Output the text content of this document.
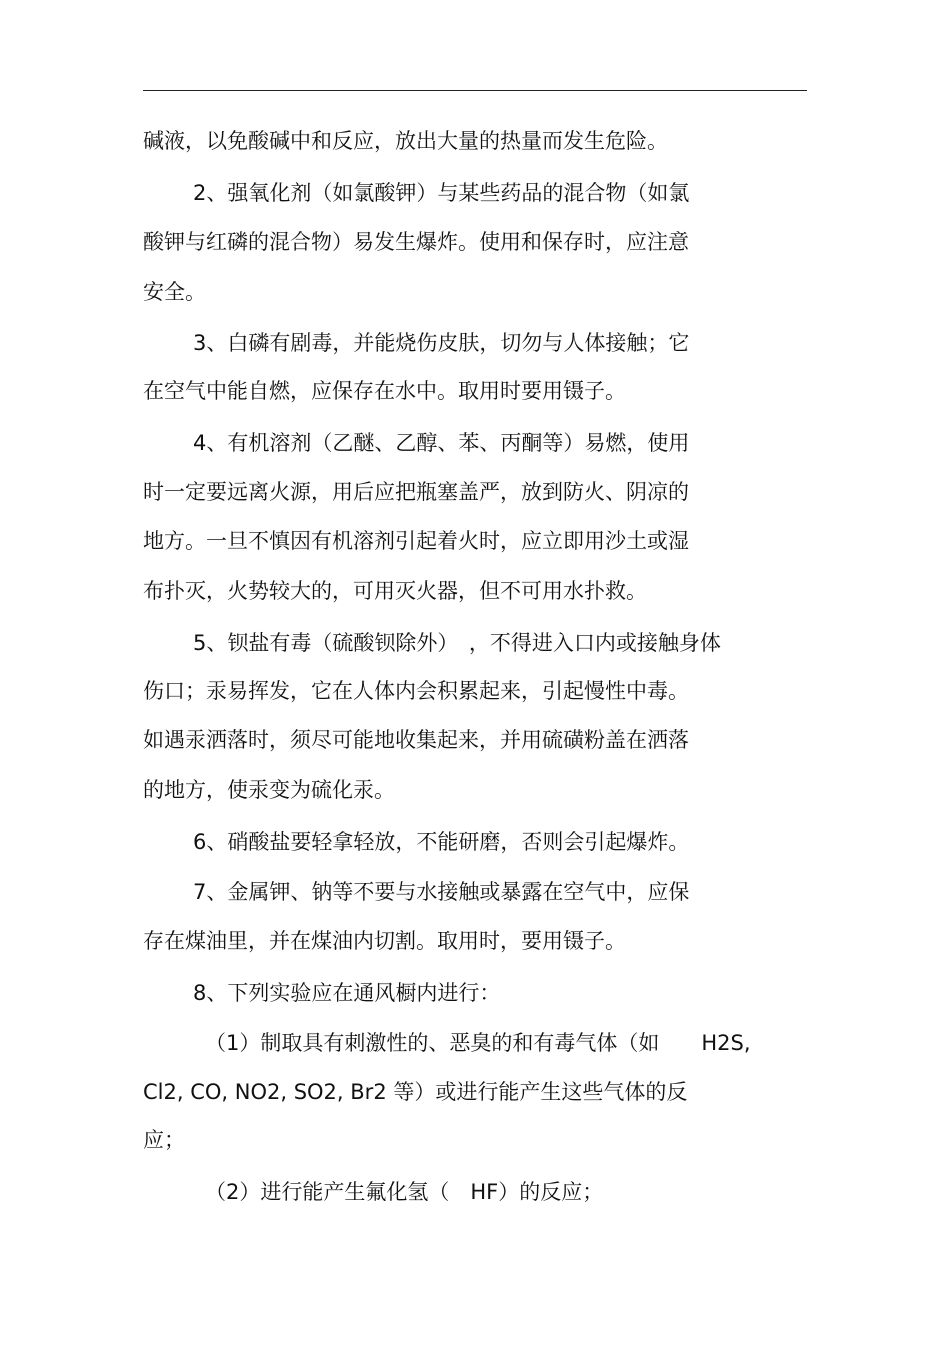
碱液，以免酸碱中和反应，放出大量的热量而发生危险。
2、强氧化剂（如氯酸钾）与某些药品的混合物（如氯
酸钾与红磷的混合物）易发生爆炸。使用和保存时，应注意
安全。
3、白磷有剧毒，并能烧伤皮肤，切勿与人体接触；它
在空气中能自燃，应保存在水中。取用时要用镊子。
4、有机溶剂（乙醚、乙醇、苯、丙酮等）易燃，使用
时一定要远离火源，用后应把瓶塞盖严，放到防火、阴凉的
地方。一旦不慎因有机溶剂引起着火时，应立即用沙土或湿
布扑灭，火势较大的，可用灭火器，但不可用水扑救。
5、钡盐有毒（硫酸钡除外）　，不得进入口内或接触身体
伤口；汞易挥发，它在人体内会积累起来，引起慢性中毒。
如遇汞洒落时，须尽可能地收集起来，并用硫磺粉盖在洒落
的地方，使汞变为硫化汞。
6、硝酸盐要轻拿轻放，不能研磨，否则会引起爆炸。
7、金属钾、钠等不要与水接触或暴露在空气中，应保
存在煤油里，并在煤油内切割。取用时，要用镊子。
8、下列实验应在通风橱内进行：
（1）制取具有刺激性的、恶臭的和有毒气体（如　　H2S,
Cl2, CO, NO2, SO2, Br2 等）或进行能产生这些气体的反
应；
（2）进行能产生氟化氢（　HF）的反应；
